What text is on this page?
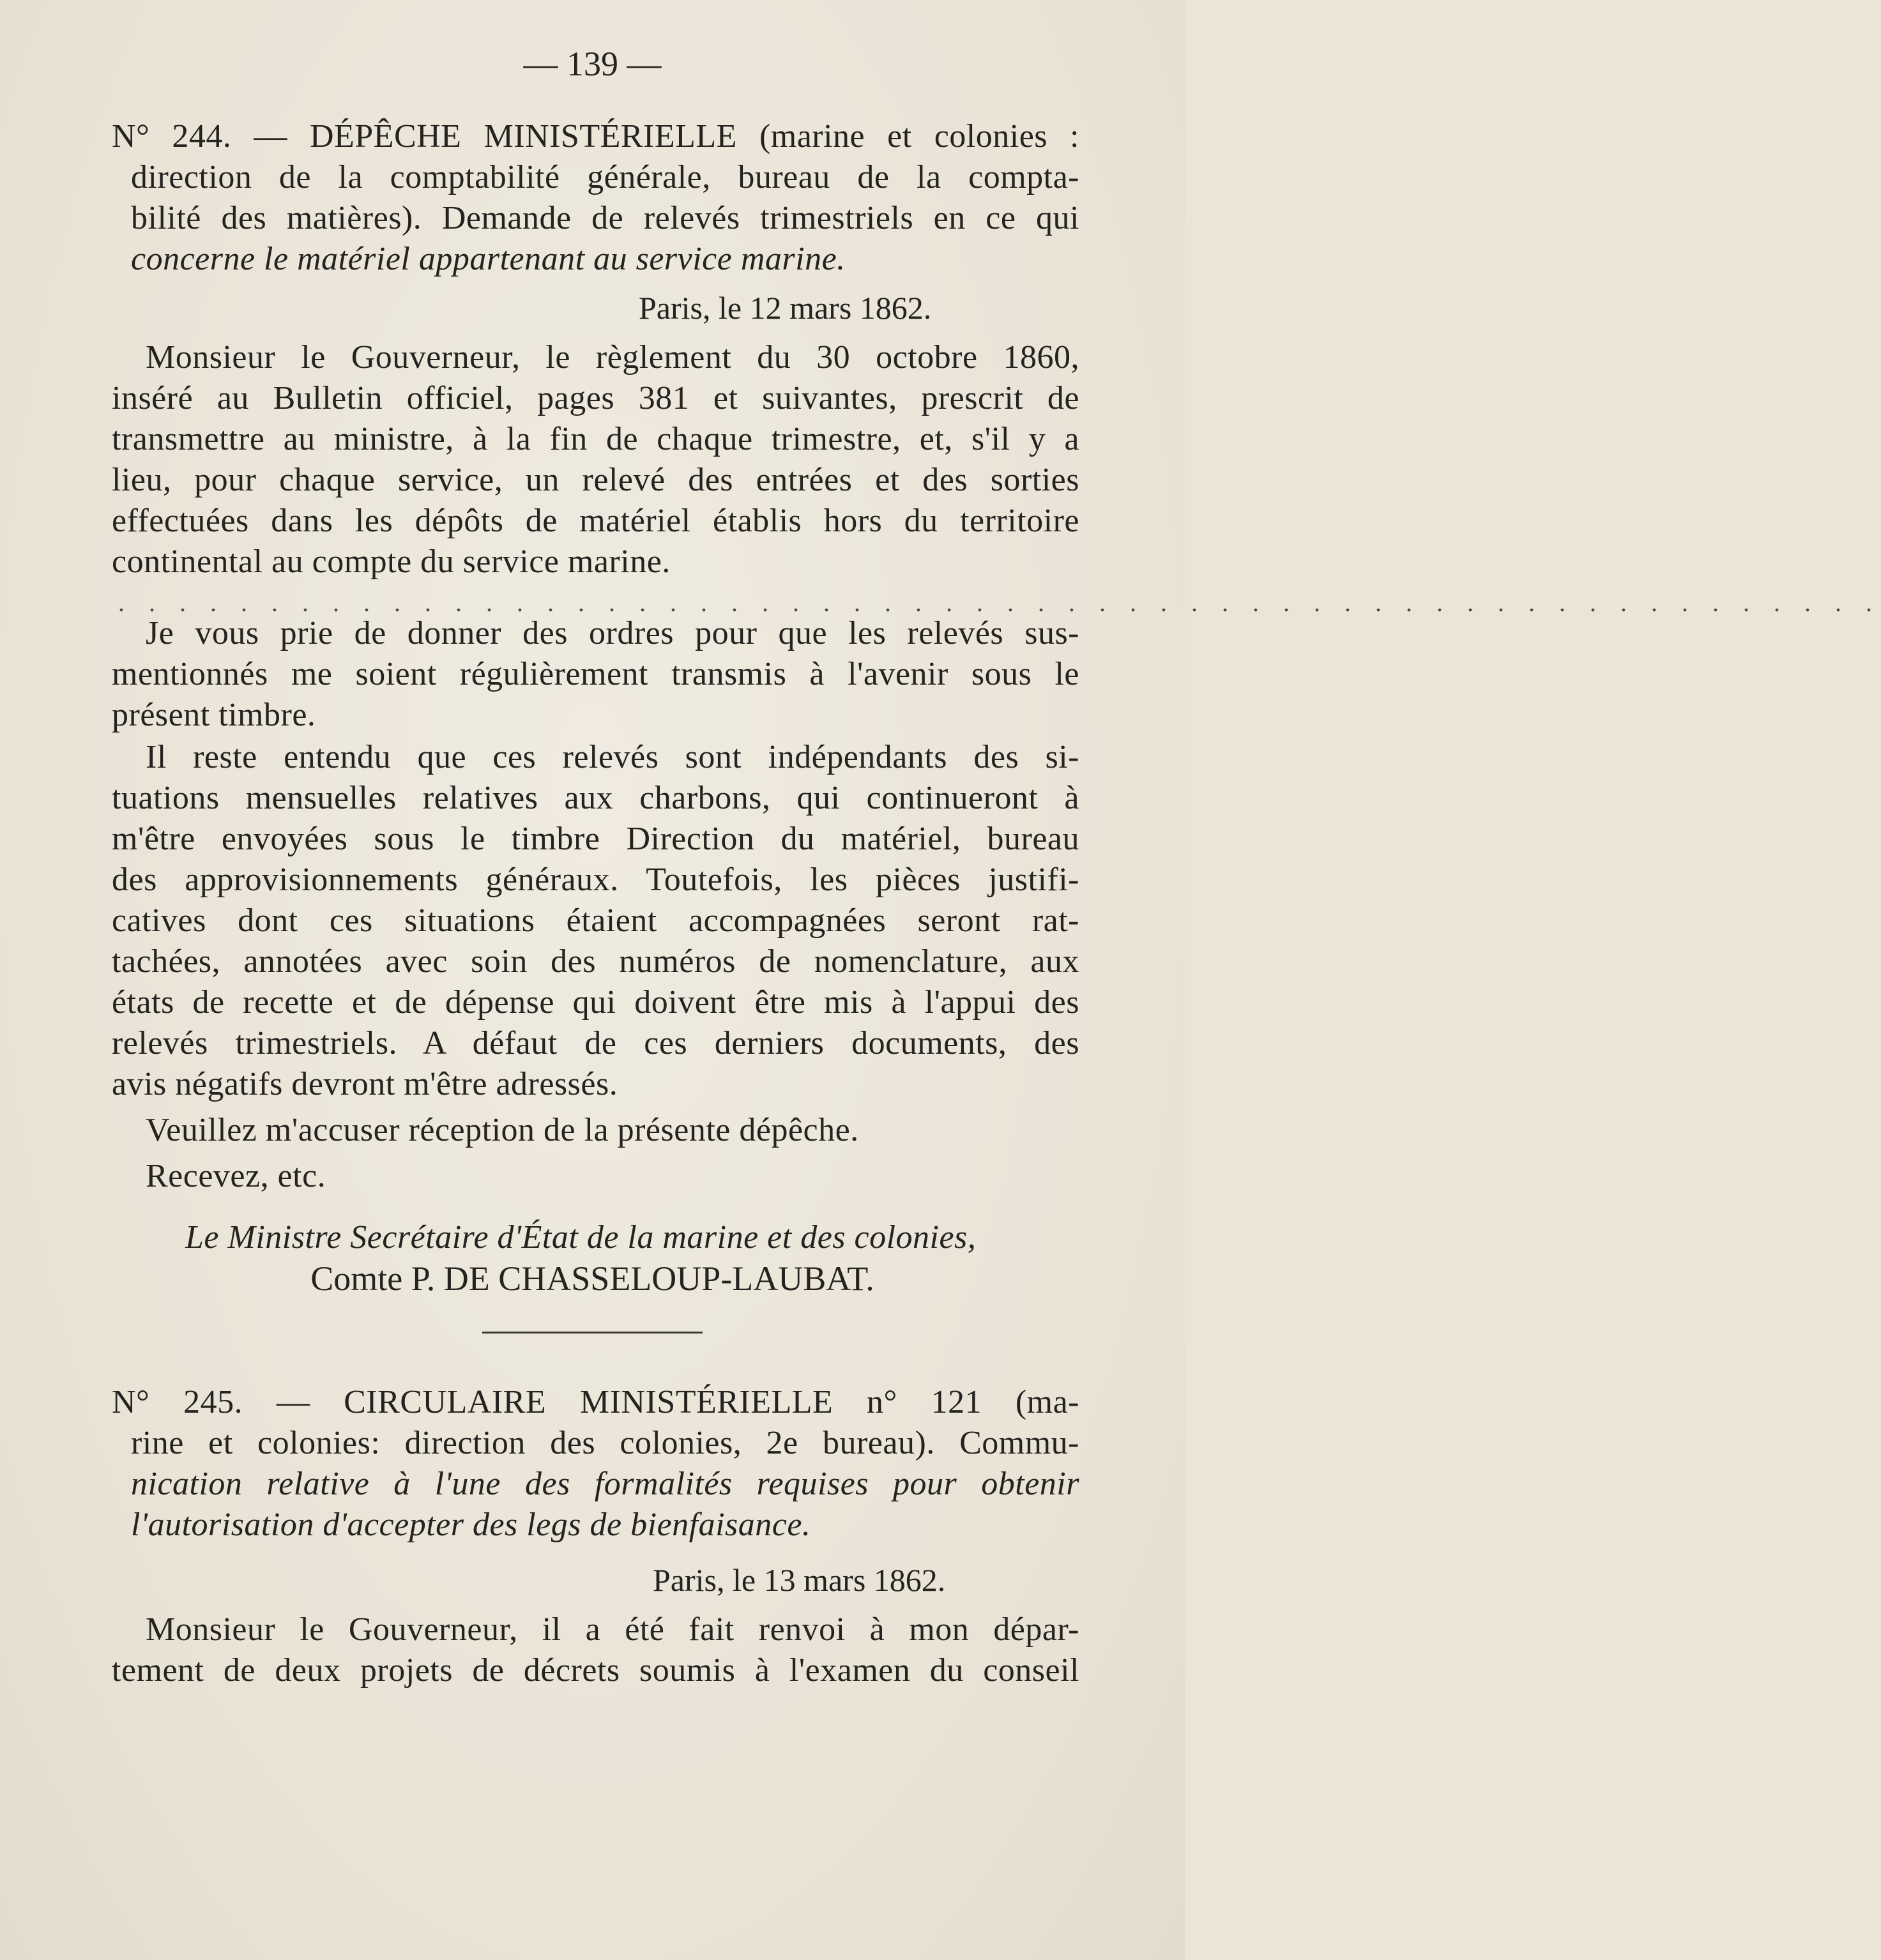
— 139 —
N° 244. — DÉPÊCHE MINISTÉRIELLE (marine et colonies :
direction de la comptabilité générale, bureau de la compta-
bilité des matières). Demande de relevés trimestriels en ce qui
concerne le matériel appartenant au service marine.
Paris, le 12 mars 1862.
Monsieur le Gouverneur, le règlement du 30 octobre 1860,
inséré au Bulletin officiel, pages 381 et suivantes, prescrit de
transmettre au ministre, à la fin de chaque trimestre, et, s'il y a
lieu, pour chaque service, un relevé des entrées et des sorties
effectuées dans les dépôts de matériel établis hors du territoire
continental au compte du service marine.
. . . . . . . . . . . . . . . . . . . . . . . . . . . . . . . . . . . . . . . . . . . . . . . . . . . . . . . . . .
Je vous prie de donner des ordres pour que les relevés sus-
mentionnés me soient régulièrement transmis à l'avenir sous le
présent timbre.
Il reste entendu que ces relevés sont indépendants des si-
tuations mensuelles relatives aux charbons, qui continueront à
m'être envoyées sous le timbre Direction du matériel, bureau
des approvisionnements généraux. Toutefois, les pièces justifi-
catives dont ces situations étaient accompagnées seront rat-
tachées, annotées avec soin des numéros de nomenclature, aux
états de recette et de dépense qui doivent être mis à l'appui des
relevés trimestriels. A défaut de ces derniers documents, des
avis négatifs devront m'être adressés.
Veuillez m'accuser réception de la présente dépêche.
Recevez, etc.
Le Ministre Secrétaire d'État de la marine et des colonies,
Comte P. DE CHASSELOUP-LAUBAT.
N° 245. — CIRCULAIRE MINISTÉRIELLE n° 121 (ma-
rine et colonies: direction des colonies, 2e bureau). Commu-
nication relative à l'une des formalités requises pour obtenir
l'autorisation d'accepter des legs de bienfaisance.
Paris, le 13 mars 1862.
Monsieur le Gouverneur, il a été fait renvoi à mon dépar-
tement de deux projets de décrets soumis à l'examen du conseil
